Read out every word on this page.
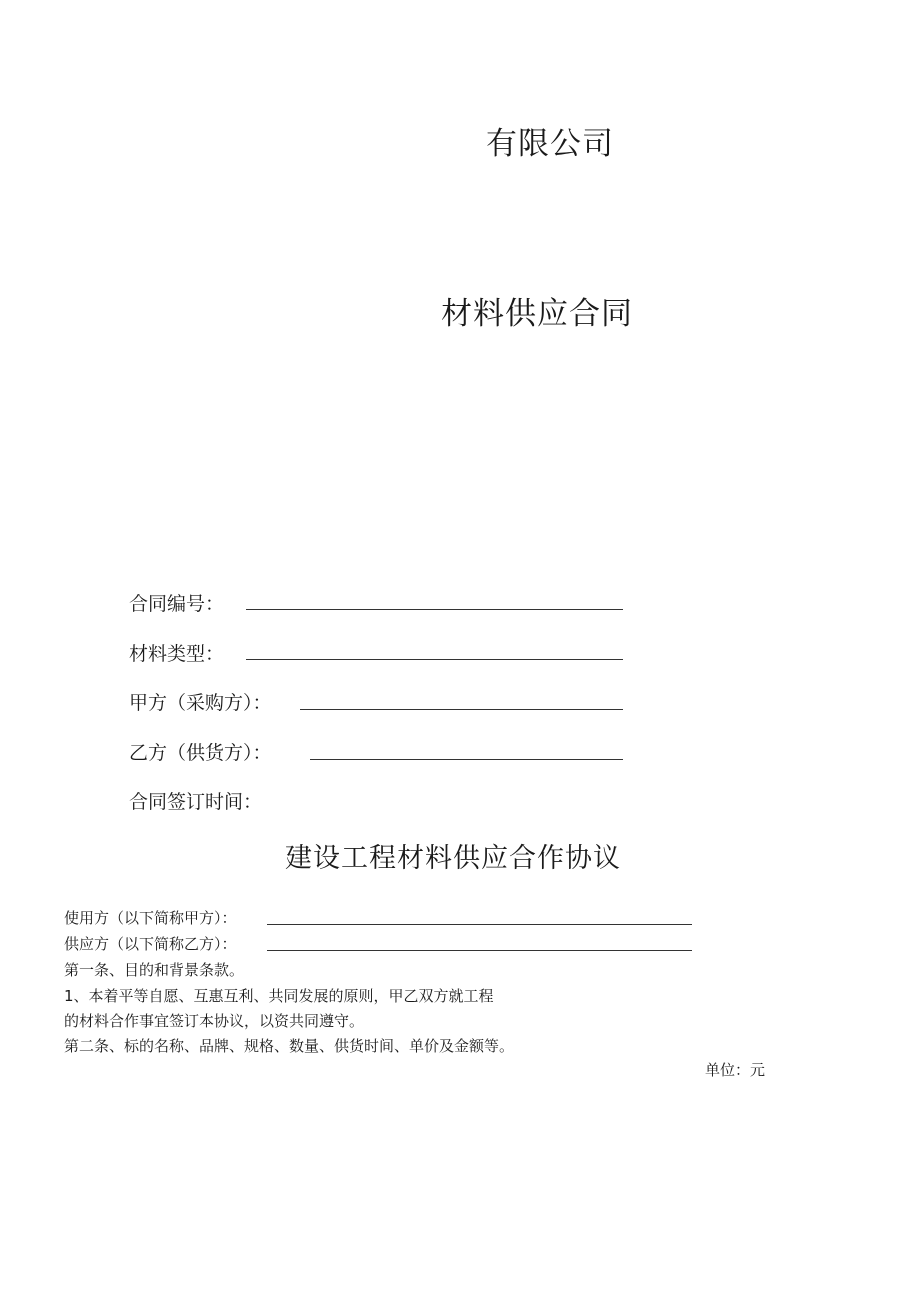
有限公司
材料供应合同
合同编号：
材料类型：
甲方（采购方）：
乙方（供货方）：
合同签订时间：
建设工程材料供应合作协议
使用方（以下简称甲方）：
供应方（以下简称乙方）：
第一条、目的和背景条款。
1、本着平等自愿、互惠互利、共同发展的原则，甲乙双方就工程
的材料合作事宜签订本协议，以资共同遵守。
第二条、标的名称、品牌、规格、数量、供货时间、单价及金额等。
单位：元
